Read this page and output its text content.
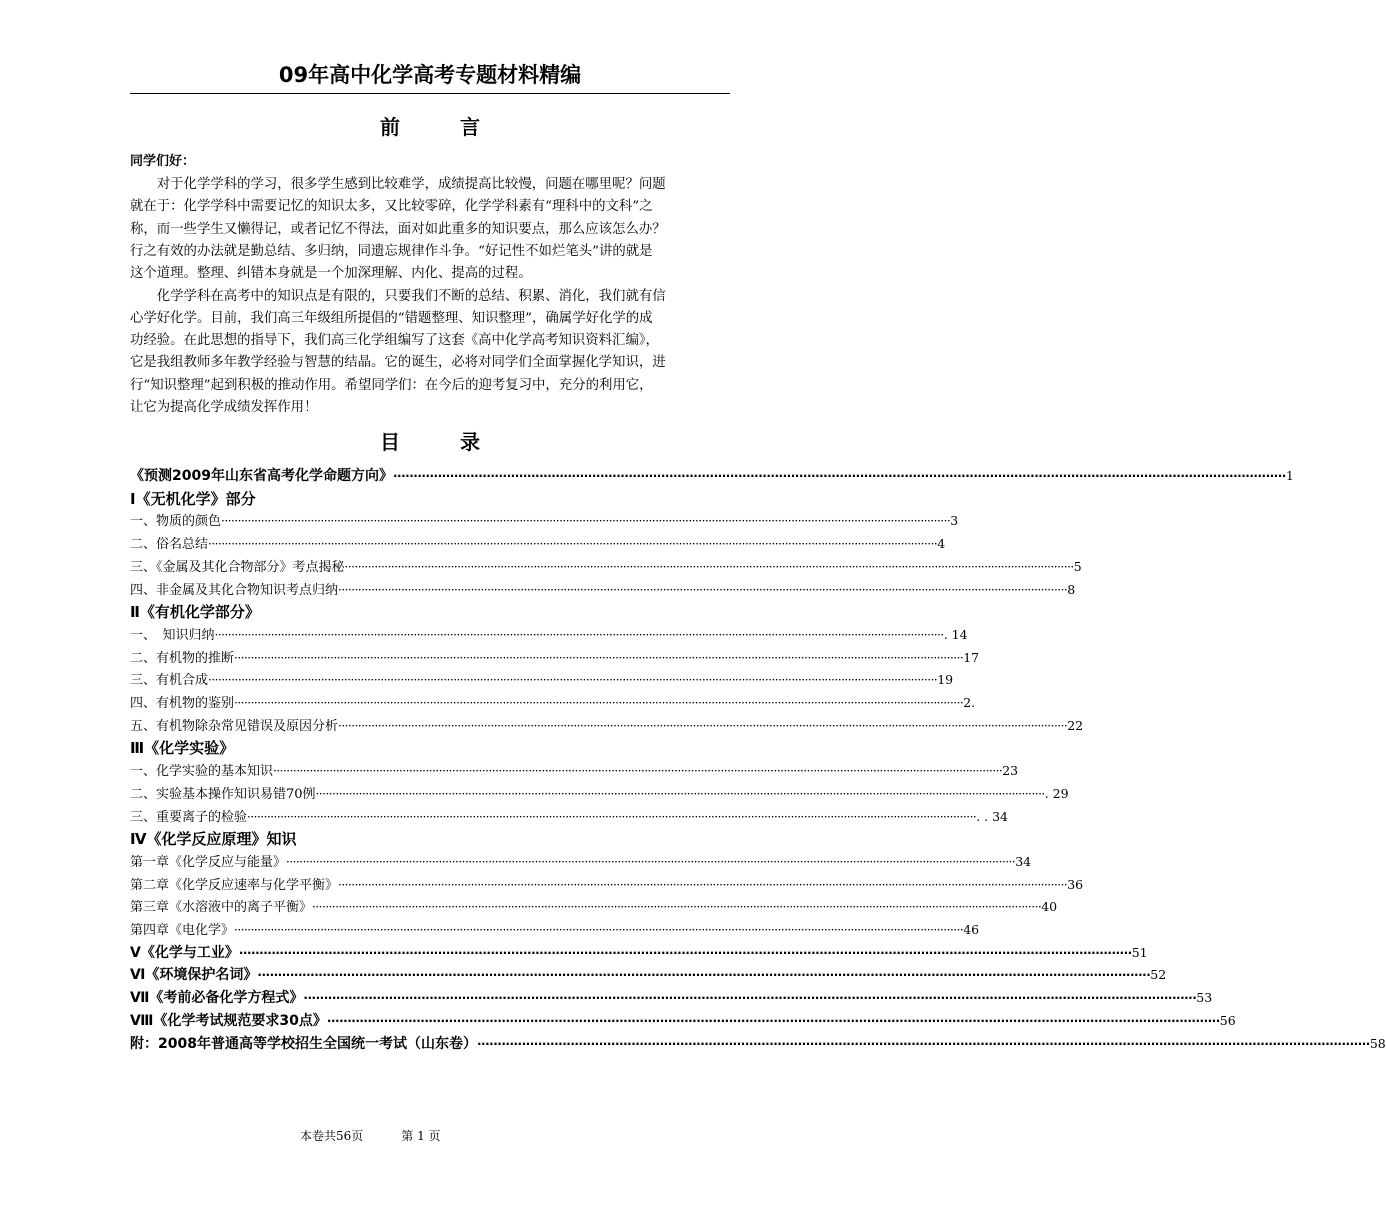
09年高中化学高考专题材料精编
前言
同学们好：
　　对于化学学科的学习，很多学生感到比较难学，成绩提高比较慢，问题在哪里呢？问题
就在于：化学学科中需要记忆的知识太多，又比较零碎，化学学科素有“理科中的文科”之
称，而一些学生又懒得记，或者记忆不得法，面对如此重多的知识要点，那么应该怎么办？
行之有效的办法就是勤总结、多归纳，同遗忘规律作斗争。“好记性不如烂笔头”讲的就是
这个道理。整理、纠错本身就是一个加深理解、内化、提高的过程。
　　化学学科在高考中的知识点是有限的，只要我们不断的总结、积累、消化，我们就有信
心学好化学。目前，我们高三年级组所提倡的“错题整理、知识整理”，确属学好化学的成
功经验。在此思想的指导下，我们高三化学组编写了这套《高中化学高考知识资料汇编》，
它是我组教师多年教学经验与智慧的结晶。它的诞生，必将对同学们全面掌握化学知识，进
行“知识整理”起到积极的推动作用。希望同学们：在今后的迎考复习中，充分的利用它，
让它为提高化学成绩发挥作用！
目录
《预测2009年山东省高考化学命题方向》 ···························································································································································································································· 1
Ⅰ《无机化学》部分
一、物质的颜色 ···························································································································································································································· 3
二、俗名总结 ···························································································································································································································· 4
三、《金属及其化合物部分》考点揭秘 ···························································································································································································································· 5
四、非金属及其化合物知识考点归纳 ···························································································································································································································· 8
Ⅱ《有机化学部分》
一、　知识归纳 ···························································································································································································································· . 14
二、有机物的推断 ···························································································································································································································· 17
三、有机合成 ···························································································································································································································· 19
四、有机物的鉴别 ···························································································································································································································· 2.
五、有机物除杂常见错误及原因分析 ···························································································································································································································· 22
Ⅲ《化学实验》
一、化学实验的基本知识 ···························································································································································································································· 23
二、实验基本操作知识易错70例 ···························································································································································································································· . 29
三、重要离子的检验 ···························································································································································································································· . . 34
Ⅳ《化学反应原理》知识
第一章《化学反应与能量》 ···························································································································································································································· 34
第二章《化学反应速率与化学平衡》 ···························································································································································································································· 36
第三章《水溶液中的离子平衡》 ···························································································································································································································· 40
第四章《电化学》 ···························································································································································································································· 46
Ⅴ《化学与工业》 ···························································································································································································································· 51
Ⅵ《环境保护名词》 ···························································································································································································································· 52
Ⅶ《考前必备化学方程式》 ···························································································································································································································· 53
Ⅷ《化学考试规范要求30点》 ···························································································································································································································· 56
附：2008年普通高等学校招生全国统一考试（山东卷） ···························································································································································································································· 58
本卷共56页	第 1 页
